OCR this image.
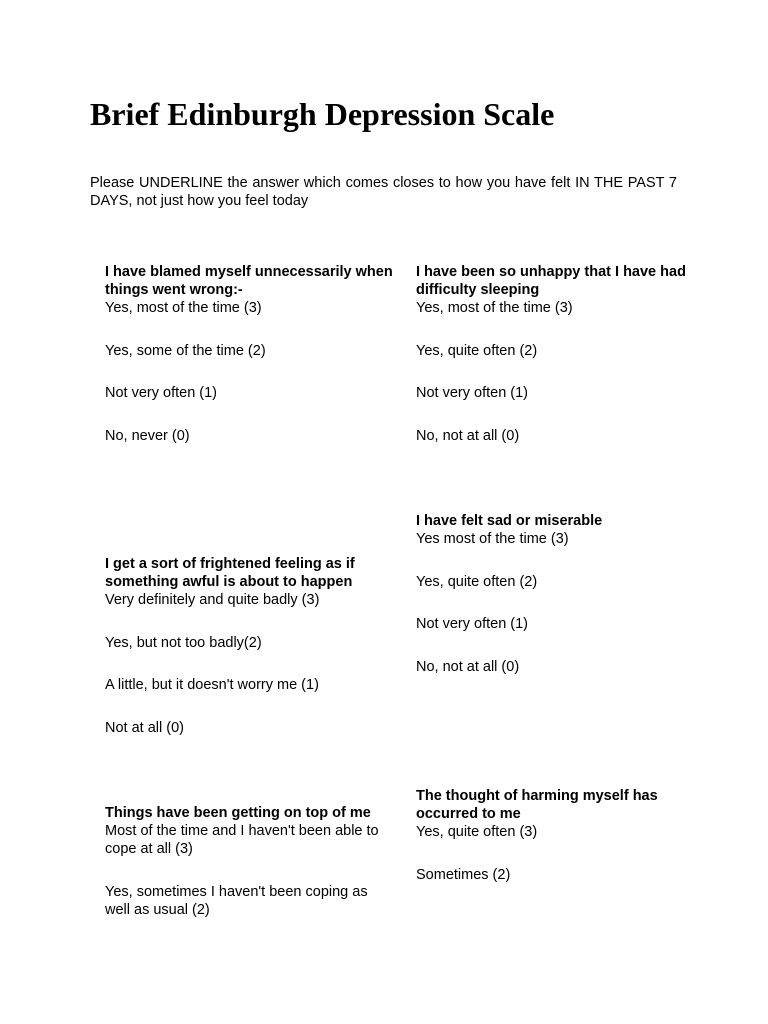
Brief Edinburgh Depression Scale

Please UNDERLINE the answer which comes closes to how you have felt IN THE PAST 7 DAYS, not just how you feel today

I have blamed myself unnecessarily when things went wrong:-

Yes, most of the time (3)

Yes, some of the time (2)

Not very often (1)

No, never (0)

I have been so unhappy that I have had difficulty sleeping

Yes, most of the time (3)

Yes, quite often (2)

Not very often (1)

No, not at all (0)

I have felt sad or miserable

Yes most of the time (3)

Yes, quite often (2)

Not very often (1)

No, not at all (0)

I get a sort of frightened feeling as if something awful is about to happen

Very definitely and quite badly (3)

Yes, but not too badly(2)

A little, but it doesn't worry me (1)

Not at all (0)

The thought of harming myself has occurred to me

Yes, quite often (3)

Sometimes (2)

Things have been getting on top of me

Most of the time and I haven't been able to cope at all (3)

Yes, sometimes I haven't been coping as well as usual (2)
